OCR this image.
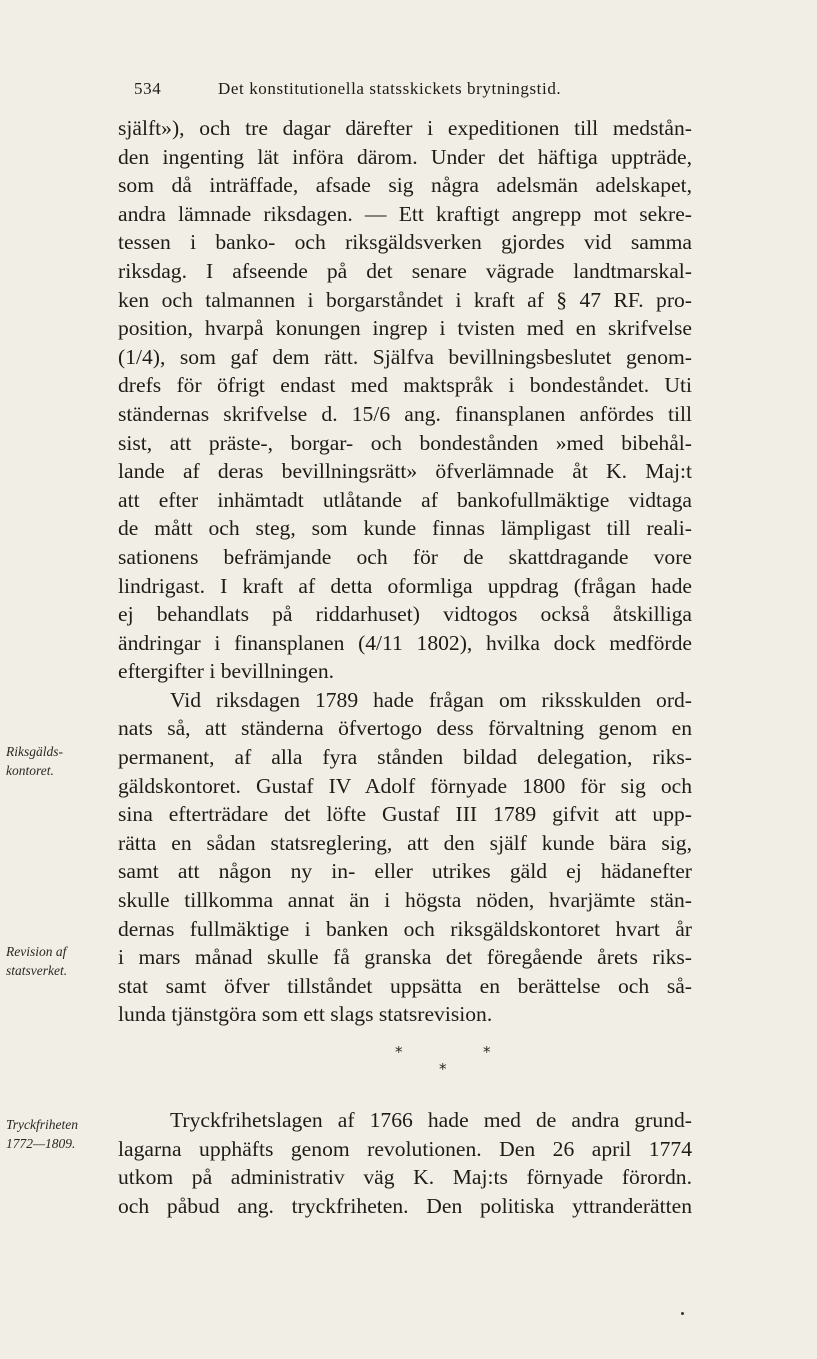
534	Det konstitutionella statsskickets brytningstid.
själft»), och tre dagar därefter i expeditionen till medstån-
den ingenting lät införa därom. Under det häftiga uppträde,
som då inträffade, afsade sig några adelsmän adelskapet,
andra lämnade riksdagen. — Ett kraftigt angrepp mot sekre-
tessen i banko- och riksgäldsverken gjordes vid samma
riksdag. I afseende på det senare vägrade landtmarskal-
ken och talmannen i borgarståndet i kraft af § 47 RF. pro-
position, hvarpå konungen ingrep i tvisten med en skrifvelse
(1/4), som gaf dem rätt. Själfva bevillningsbeslutet genom-
drefs för öfrigt endast med maktspråk i bondeståndet. Uti
ständernas skrifvelse d. 15/6 ang. finansplanen anfördes till
sist, att präste-, borgar- och bondestånden »med bibehål-
lande af deras bevillningsrätt» öfverlämnade åt K. Maj:t
att efter inhämtadt utlåtande af bankofullmäktige vidtaga
de mått och steg, som kunde finnas lämpligast till reali-
sationens befrämjande och för de skattdragande vore
lindrigast. I kraft af detta oformliga uppdrag (frågan hade
ej behandlats på riddarhuset) vidtogos också åtskilliga
ändringar i finansplanen (4/11 1802), hvilka dock medförde
eftergifter i bevillningen.
Vid riksdagen 1789 hade frågan om riksskulden ord-
nats så, att ständerna öfvertogo dess förvaltning genom en
permanent, af alla fyra stånden bildad delegation, riks-
gäldskontoret. Gustaf IV Adolf förnyade 1800 för sig och
sina efterträdare det löfte Gustaf III 1789 gifvit att upp-
rätta en sådan statsreglering, att den själf kunde bära sig,
samt att någon ny in- eller utrikes gäld ej hädanefter
skulle tillkomma annat än i högsta nöden, hvarjämte stän-
dernas fullmäktige i banken och riksgäldskontoret hvart år
i mars månad skulle få granska det föregående årets riks-
stat samt öfver tillståndet uppsätta en berättelse och så-
lunda tjänstgöra som ett slags statsrevision.
Riksgälds-
kontoret.
Revision af
statsverket.
*	*
*
Tryckfriheten
1772—1809.
Tryckfrihetslagen af 1766 hade med de andra grund-
lagarna upphäfts genom revolutionen. Den 26 april 1774
utkom på administrativ väg K. Maj:ts förnyade förordn.
och påbud ang. tryckfriheten. Den politiska yttranderätten
